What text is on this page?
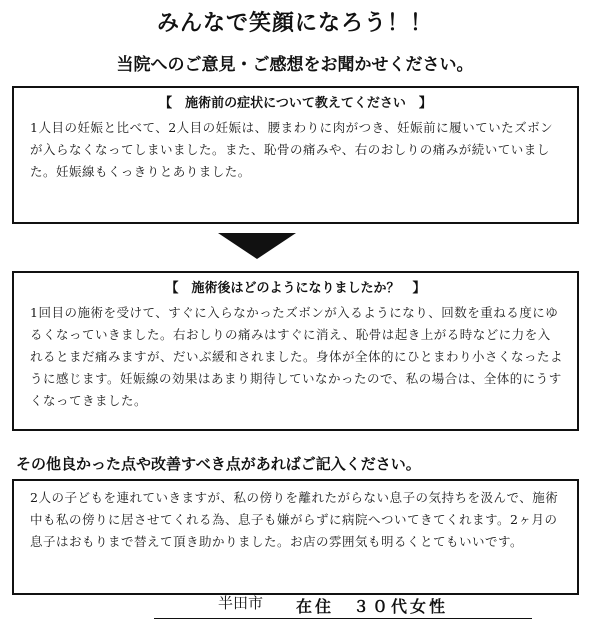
みんなで笑顔になろう！！
当院へのご意見・ご感想をお聞かせください。
【　施術前の症状について教えてください　】
1人目の妊娠と比べて、2人目の妊娠は、腰まわりに肉がつき、妊娠前に履いていたズボンが入らなくなってしまいました。また、恥骨の痛みや、右のおしりの痛みが続いていました。妊娠線もくっきりとありました。
【　施術後はどのようになりましたか？　】
1回目の施術を受けて、すぐに入らなかったズボンが入るようになり、回数を重ねる度にゆるくなっていきました。右おしりの痛みはすぐに消え、恥骨は起き上がる時などに力を入れるとまだ痛みますが、だいぶ緩和されました。身体が全体的にひとまわり小さくなったように感じます。妊娠線の効果はあまり期待していなかったので、私の場合は、全体的にうすくなってきました。
その他良かった点や改善すべき点があればご記入ください。
2人の子どもを連れていきますが、私の傍りを離れたがらない息子の気持ちを汲んで、施術中も私の傍りに居させてくれる為、息子も嫌がらずに病院へついてきてくれます。2ヶ月の息子はおもりまで替えて頂き助かりました。お店の雰囲気も明るくとてもいいです。
半田市 在住　３０代女性
